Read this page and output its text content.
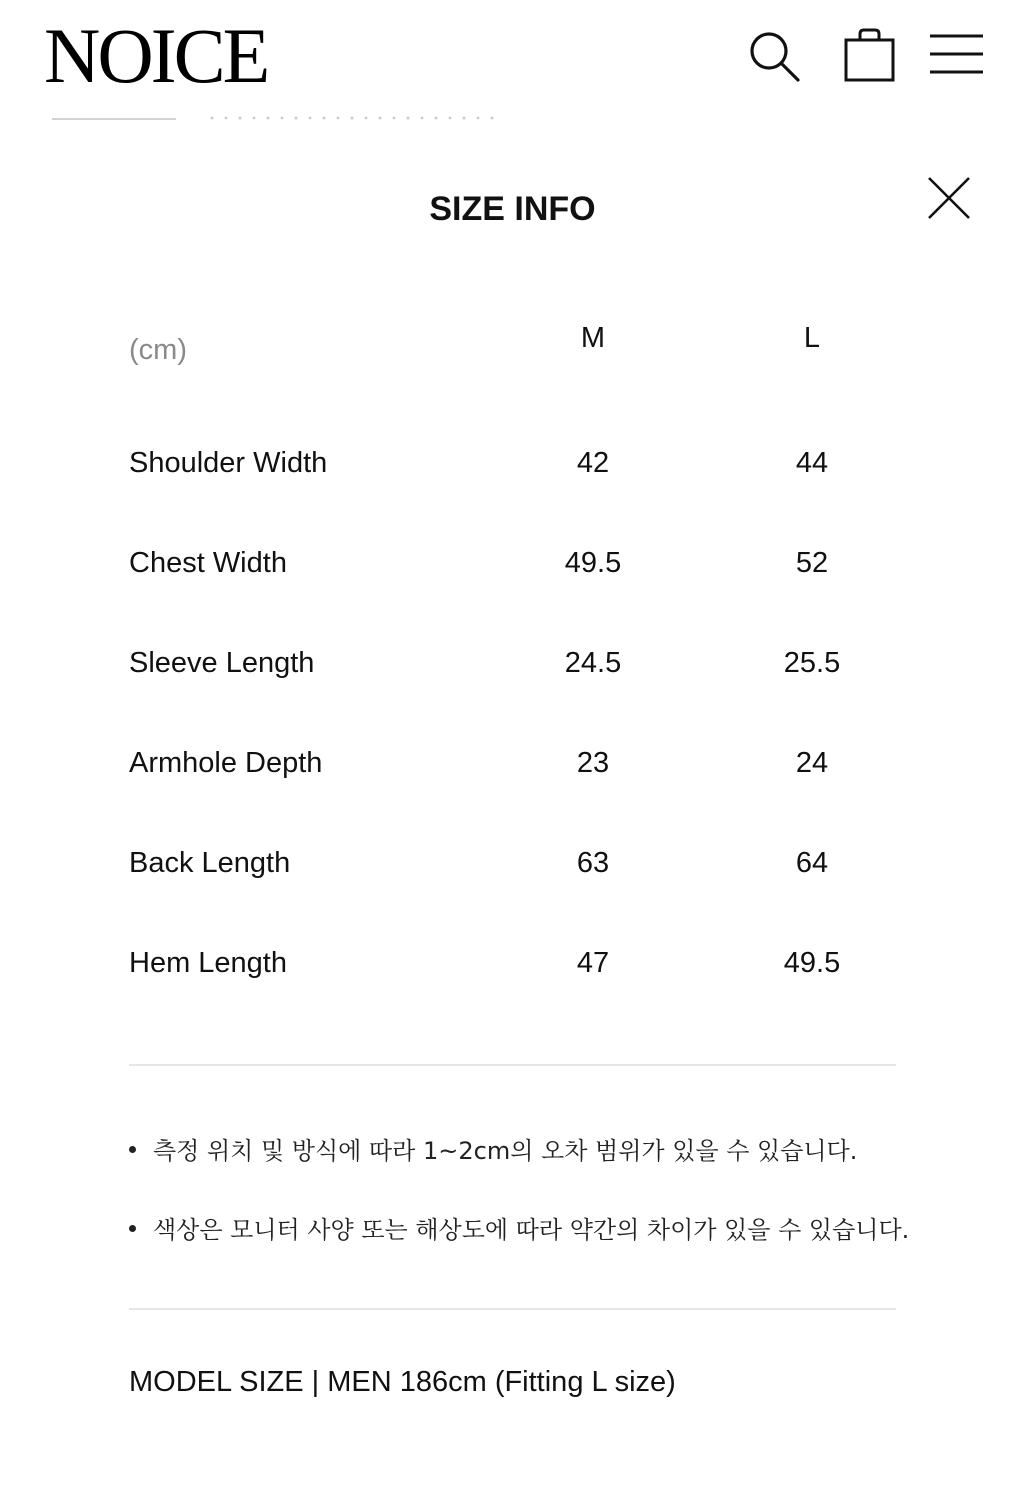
NOICE
SIZE INFO
(cm)	M	L
Shoulder Width	42	44
Chest Width	49.5	52
Sleeve Length	24.5	25.5
Armhole Depth	23	24
Back Length	63	64
Hem Length	47	49.5
측정 위치 및 방식에 따라 1~2cm의 오차 범위가 있을 수 있습니다.
색상은 모니터 사양 또는 해상도에 따라 약간의 차이가 있을 수 있습니다.
MODEL SIZE | MEN 186cm (Fitting L size)
